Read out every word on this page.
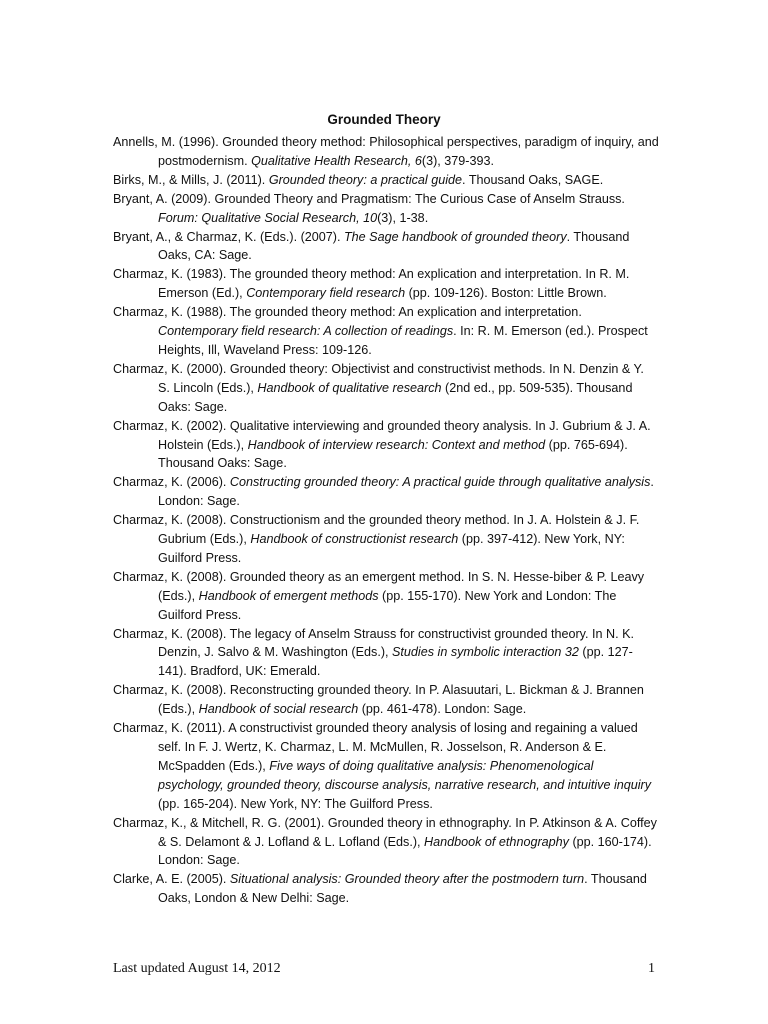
Grounded Theory

Annells, M. (1996). Grounded theory method: Philosophical perspectives, paradigm of inquiry, and postmodernism. Qualitative Health Research, 6(3), 379-393.

Birks, M., & Mills, J. (2011). Grounded theory: a practical guide. Thousand Oaks, SAGE.

Bryant, A. (2009). Grounded Theory and Pragmatism: The Curious Case of Anselm Strauss. Forum: Qualitative Social Research, 10(3), 1-38.

Bryant, A., & Charmaz, K. (Eds.). (2007). The Sage handbook of grounded theory. Thousand Oaks, CA: Sage.

Charmaz, K. (1983). The grounded theory method: An explication and interpretation. In R. M. Emerson (Ed.), Contemporary field research (pp. 109-126). Boston: Little Brown.

Charmaz, K. (1988). The grounded theory method: An explication and interpretation. Contemporary field research: A collection of readings. In: R. M. Emerson (ed.). Prospect Heights, Ill, Waveland Press: 109-126.

Charmaz, K. (2000). Grounded theory: Objectivist and constructivist methods. In N. Denzin & Y. S. Lincoln (Eds.), Handbook of qualitative research (2nd ed., pp. 509-535). Thousand Oaks: Sage.

Charmaz, K. (2002). Qualitative interviewing and grounded theory analysis. In J. Gubrium & J. A. Holstein (Eds.), Handbook of interview research: Context and method (pp. 765-694). Thousand Oaks: Sage.

Charmaz, K. (2006). Constructing grounded theory: A practical guide through qualitative analysis. London: Sage.

Charmaz, K. (2008). Constructionism and the grounded theory method. In J. A. Holstein & J. F. Gubrium (Eds.), Handbook of constructionist research (pp. 397-412). New York, NY: Guilford Press.

Charmaz, K. (2008). Grounded theory as an emergent method. In S. N. Hesse-biber & P. Leavy (Eds.), Handbook of emergent methods (pp. 155-170). New York and London: The Guilford Press.

Charmaz, K. (2008). The legacy of Anselm Strauss for constructivist grounded theory. In N. K. Denzin, J. Salvo & M. Washington (Eds.), Studies in symbolic interaction 32 (pp. 127-141). Bradford, UK: Emerald.

Charmaz, K. (2008). Reconstructing grounded theory. In P. Alasuutari, L. Bickman & J. Brannen (Eds.), Handbook of social research (pp. 461-478). London: Sage.

Charmaz, K. (2011). A constructivist grounded theory analysis of losing and regaining a valued self. In F. J. Wertz, K. Charmaz, L. M. McMullen, R. Josselson, R. Anderson & E. McSpadden (Eds.), Five ways of doing qualitative analysis: Phenomenological psychology, grounded theory, discourse analysis, narrative research, and intuitive inquiry (pp. 165-204). New York, NY: The Guilford Press.

Charmaz, K., & Mitchell, R. G. (2001). Grounded theory in ethnography. In P. Atkinson & A. Coffey & S. Delamont & J. Lofland & L. Lofland (Eds.), Handbook of ethnography (pp. 160-174). London: Sage.

Clarke, A. E. (2005). Situational analysis: Grounded theory after the postmodern turn. Thousand Oaks, London & New Delhi: Sage.

Last updated August 14, 2012	1
